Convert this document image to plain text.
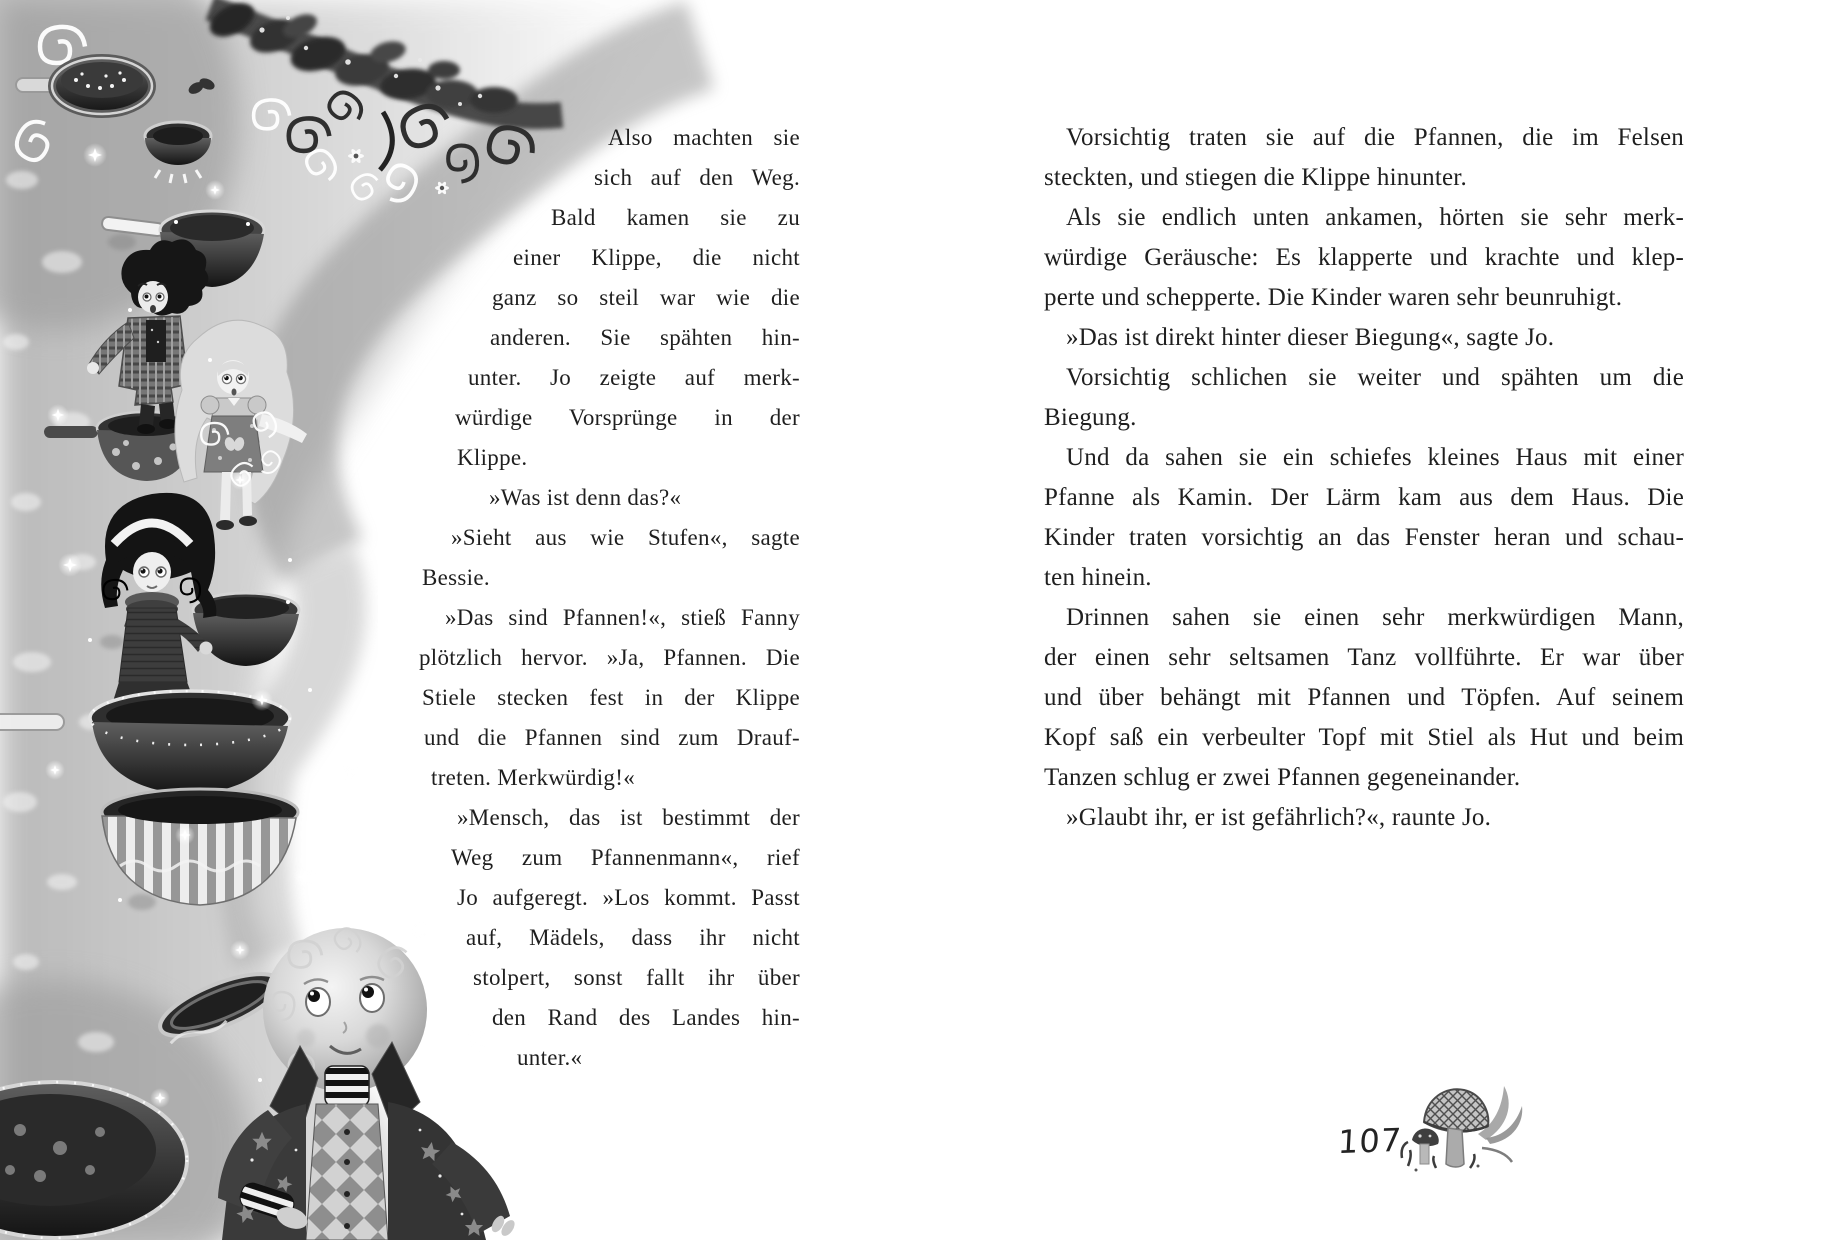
Also machten sie
sich auf den Weg.
Bald kamen sie zu
einer Klippe, die nicht
ganz so steil war wie die
anderen. Sie spähten hin-
unter. Jo zeigte auf merk-
würdige Vorsprünge in der
Klippe.
»Was ist denn das?«
»Sieht aus wie Stufen«, sagte
Bessie.
»Das sind Pfannen!«, stieß Fanny
plötzlich hervor. »Ja, Pfannen. Die
Stiele stecken fest in der Klippe
und die Pfannen sind zum Drauf-
treten. Merkwürdig!«
»Mensch, das ist bestimmt der
Weg zum Pfannenmann«, rief
Jo aufgeregt. »Los kommt. Passt
auf, Mädels, dass ihr nicht
stolpert, sonst fallt ihr über
den Rand des Landes hin-
unter.«
Vorsichtig traten sie auf die Pfannen, die im Felsen
steckten, und stiegen die Klippe hinunter.
Als sie endlich unten ankamen, hörten sie sehr merk-
würdige Geräusche: Es klapperte und krachte und klep-
perte und schepperte. Die Kinder waren sehr beunruhigt.
»Das ist direkt hinter dieser Biegung«, sagte Jo.
Vorsichtig schlichen sie weiter und spähten um die
Biegung.
Und da sahen sie ein schiefes kleines Haus mit einer
Pfanne als Kamin. Der Lärm kam aus dem Haus. Die
Kinder traten vorsichtig an das Fenster heran und schau-
ten hinein.
Drinnen sahen sie einen sehr merkwürdigen Mann,
der einen sehr seltsamen Tanz vollführte. Er war über
und über behängt mit Pfannen und Töpfen. Auf seinem
Kopf saß ein verbeulter Topf mit Stiel als Hut und beim
Tanzen schlug er zwei Pfannen gegeneinander.
»Glaubt ihr, er ist gefährlich?«, raunte Jo.
107
